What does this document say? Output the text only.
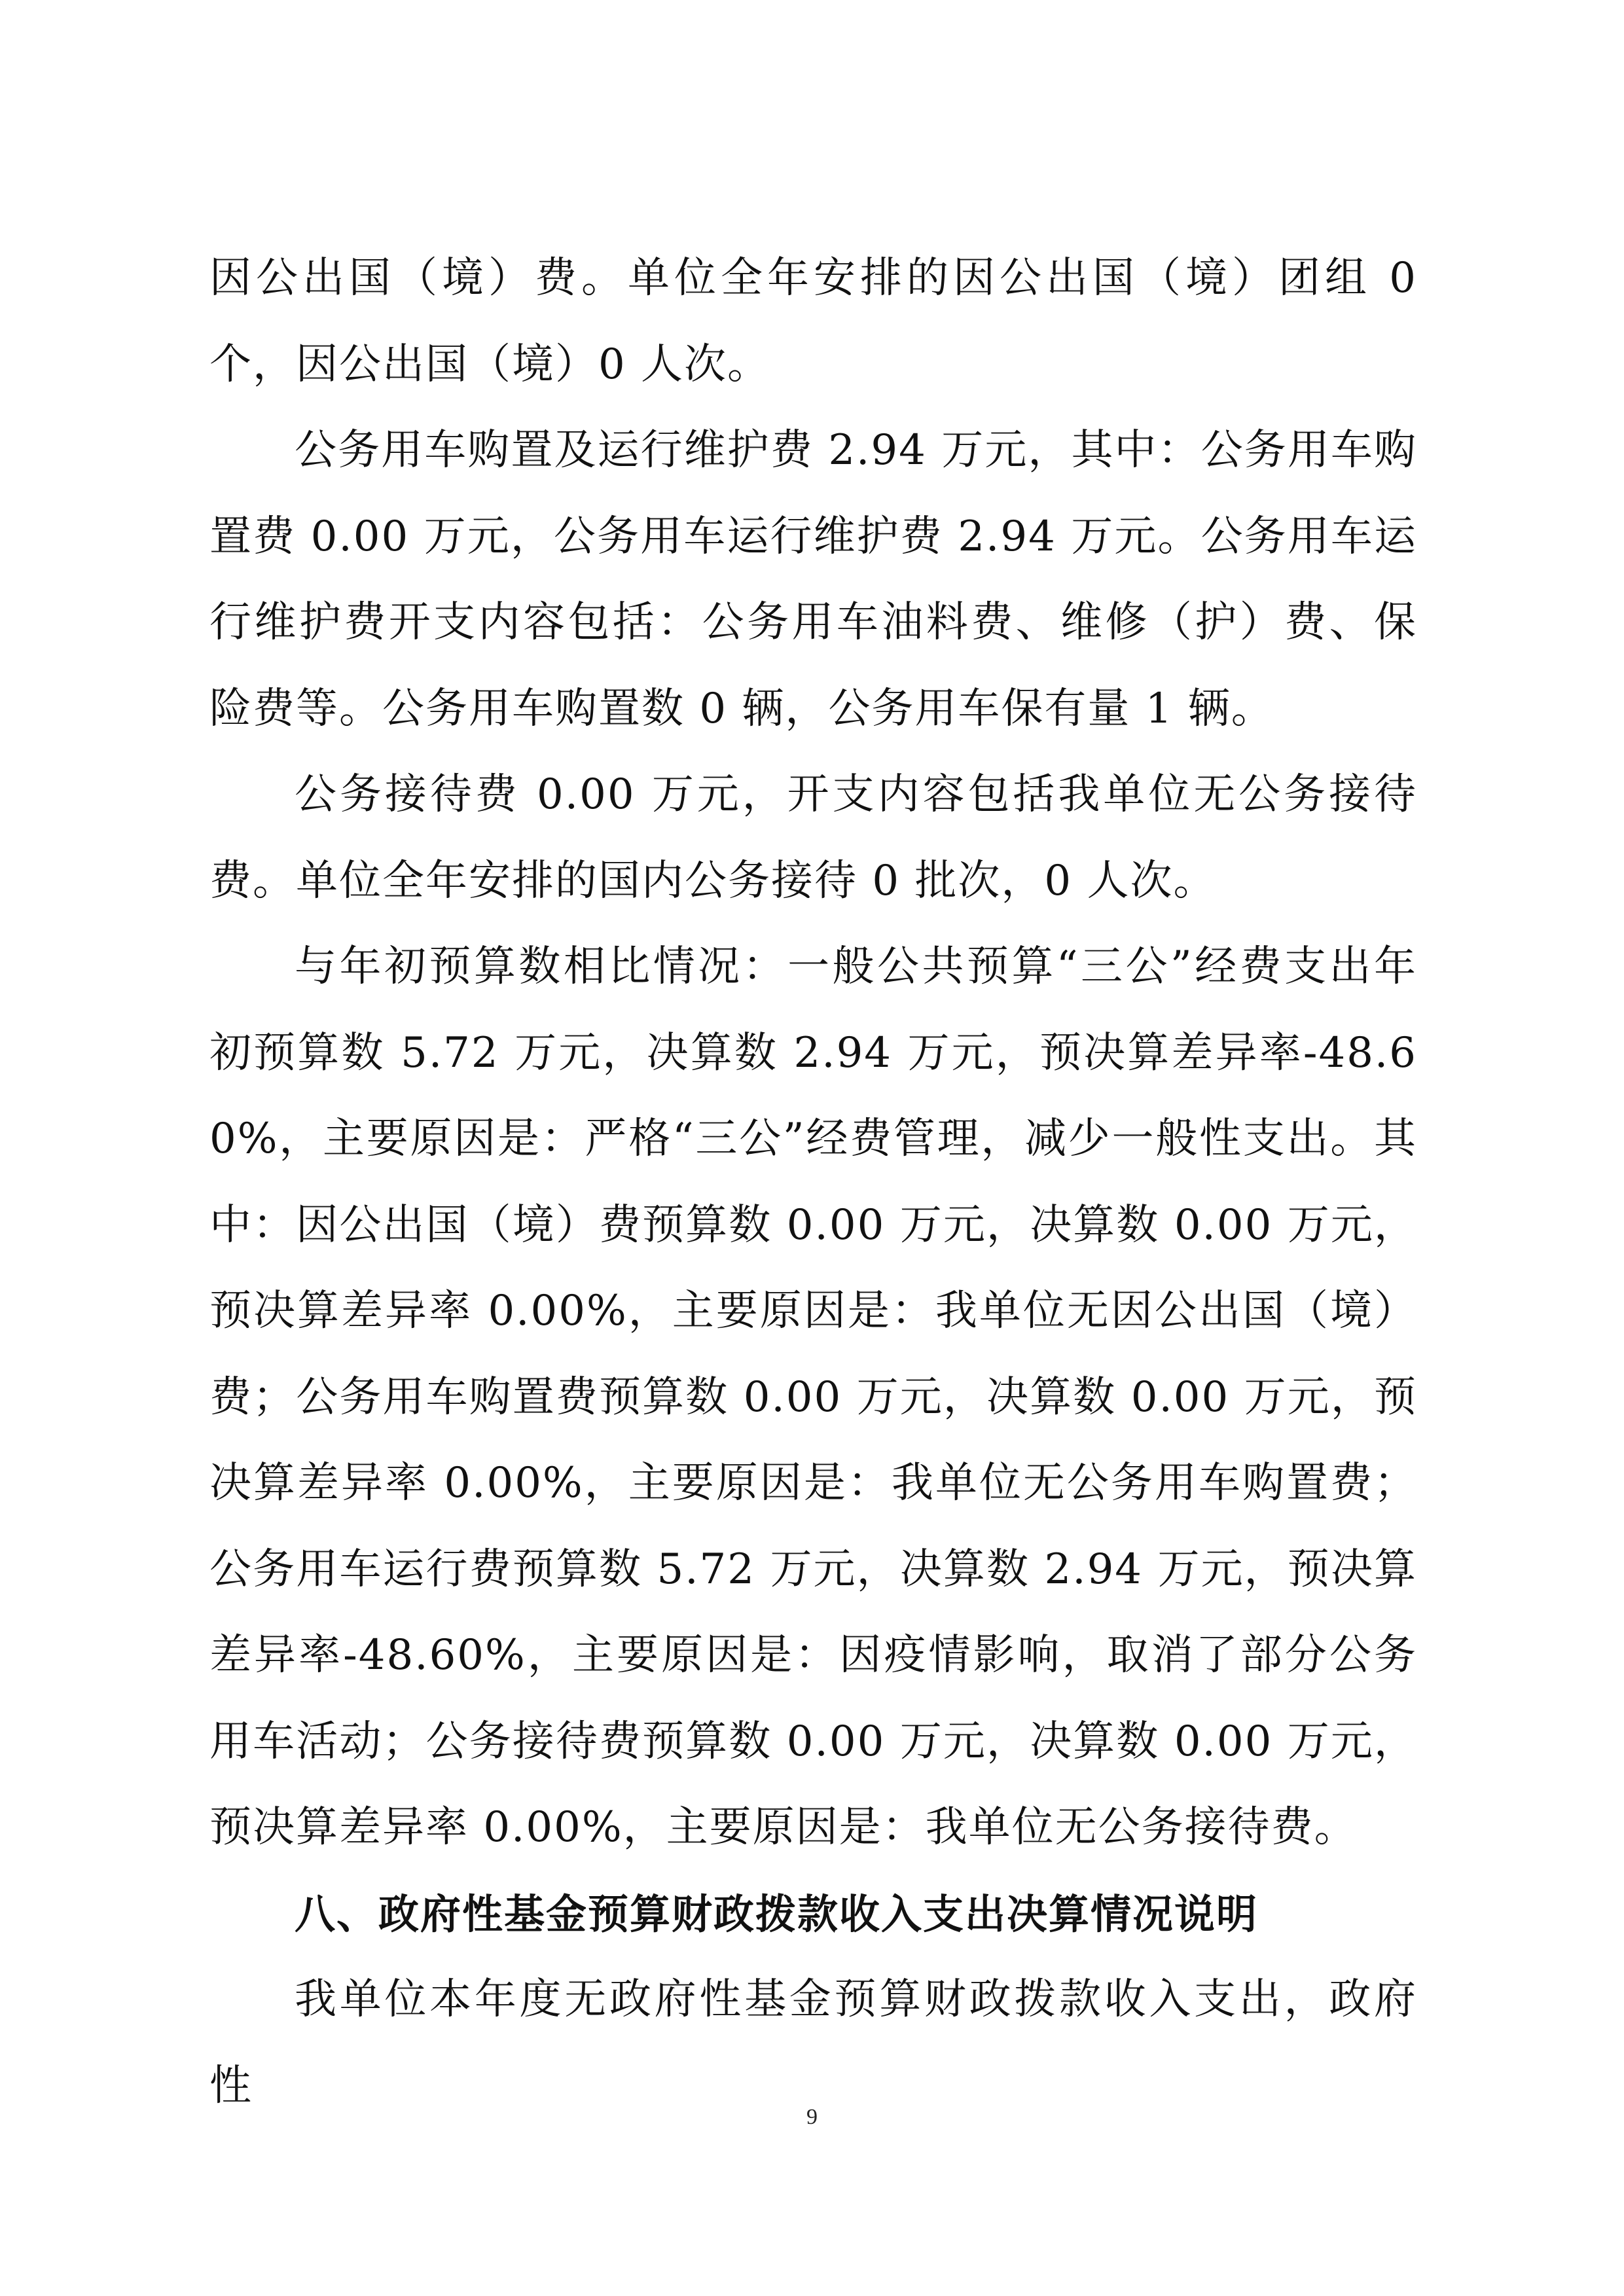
因公出国（境）费。单位全年安排的因公出国（境）团组 0 个，因公出国（境）0 人次。

公务用车购置及运行维护费 2.94 万元，其中：公务用车购置费 0.00 万元，公务用车运行维护费 2.94 万元。公务用车运行维护费开支内容包括：公务用车油料费、维修（护）费、保险费等。公务用车购置数 0 辆，公务用车保有量 1 辆。

公务接待费 0.00 万元，开支内容包括我单位无公务接待费。单位全年安排的国内公务接待 0 批次，0 人次。

与年初预算数相比情况：一般公共预算“三公”经费支出年初预算数 5.72 万元，决算数 2.94 万元，预决算差异率-48.60%，主要原因是：严格“三公”经费管理，减少一般性支出。其中：因公出国（境）费预算数 0.00 万元，决算数 0.00 万元，预决算差异率 0.00%，主要原因是：我单位无因公出国（境）费；公务用车购置费预算数 0.00 万元，决算数 0.00 万元，预决算差异率 0.00%，主要原因是：我单位无公务用车购置费；公务用车运行费预算数 5.72 万元，决算数 2.94 万元，预决算差异率-48.60%，主要原因是：因疫情影响，取消了部分公务用车活动；公务接待费预算数 0.00 万元，决算数 0.00 万元，预决算差异率 0.00%，主要原因是：我单位无公务接待费。

八、政府性基金预算财政拨款收入支出决算情况说明

我单位本年度无政府性基金预算财政拨款收入支出，政府性

9
